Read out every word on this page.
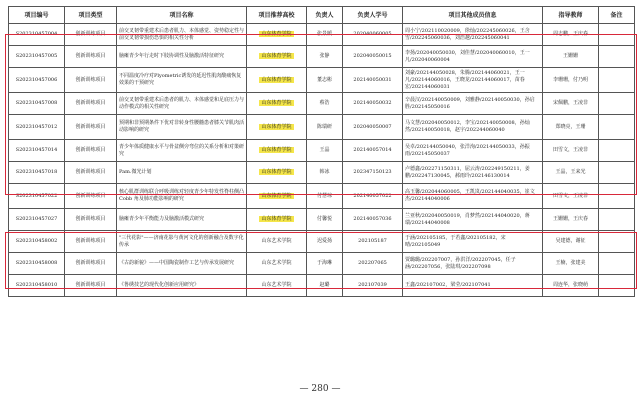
项目编号	项目类型	项目名称	项目推荐高校	负责人	负责人学号	项目其他成员信息	指导教师	备注
S202310457004	创新训练项目	前交叉韧带重建术后患者肌力、本体感觉、姿势稳定性与前交叉韧带损伤恐惧的相关性分析	山东体育学院	张景媛	202040060005	周小宁/202110020009，徐灿/202245060026，王含雪/202245060036，刘浩越/202245060041	周志鹏，王庆春	
S202310457005	创新训练项目	脑瘫青少年行走时下肢协调性及脑激活特征研究	山东体育学院	张静	202040050015	李扬/202040050030，刘佳慧/202040060010，王一凡/202040060004	王姗姗	
S202310457006	创新训练项目	不同温度冷疗对Plyometric诱发的延迟性肌肉酸痛恢复效果的干预研究	山东体育学院	董志彬	202140050031	刘豪/202144050028，朱腾/202144060021，王一凡/202144060016，王晓龙/202144060017，苗春宏/202144060031	李珊珊，付乃明	
S202310457008	创新训练项目	前交叉韧带重建术后患者的肌力、本体感觉和足底压力与动作模式的相关性研究	山东体育学院	蔡浩	202140050032	辛晨汉/202140050009，刘雅静/202140050030，孙启胜/202145050016	宋佩鹏，王凌非	
S202310457012	创新训练项目	预期和非预期条件下优对非转身性腰髓患者膝关节肌肉活动影响的研究	山东体育学院	陈瑞研	202040050007	马文慧/202040050012，李宝/202140050008，孙灿然/202140050018，赵宇/202244060040	郑晓亮，王珊	
S202310457014	创新训练项目	青少年体质健康水平与骨盆侧旁弯位的关系分析和对策研究	山东体育学院	王晶	202140057014	吴卓/202144050040，张洋洵/202144050033，孙振雨/202145050037	田雪文，王凌非	
S202310457018	创新训练项目	Pam.微光计划	山东体育学院	韩冰	202347150123	卢德鑫/202271150311，屈云涛/202249150211，姜鹏/202247130045，郝雨玲/202146130014	王晶，王来光	
S202310457022	创新训练项目	核心肌群训练联合呼吸训练对轻度青少年特发性脊柱侧凸 Cobb 角及肺功能影响的研究	山东体育学院	付慧琼	202140057022	高玉馨/202044060005，王凯岚/202144040035，崔文杰/202144040006	田雪文，王凌非	
S202310457027	创新训练项目	脑瘫青少年平衡能力及脑激活模式研究	山东体育学院	付馨悦	202140057036	兰亚秋/202040050019，肖梦然/202144040020，蒋瑞/202144040008	王姗姗，王庆春	
S202310458002	创新训练项目	"三代花影"——济南花影与黄河文化的创新融合及数字化传承	山东艺术学院	迟爱扬	202105187	于涵/202105185，于若鑫/202105182，宋晴/202105049	吴建德，谢征	
S202310458008	创新训练项目	《古韵新貌》——中国陶瓷制作工艺与传承发展研究	山东艺术学院	于海琳	202207065	贾璐璐/202207007，孙洪洋/202207045，任子涵/202207056，张陆琪/202207098	王楠，张建美	
S202310458010	创新训练项目	《鲁绣技艺的现代化创新应用研究》	山东艺术学院	赵璐	202107039	王鑫/202107002，梁莹/202107041	周连华，张晓萌	
— 280 —
